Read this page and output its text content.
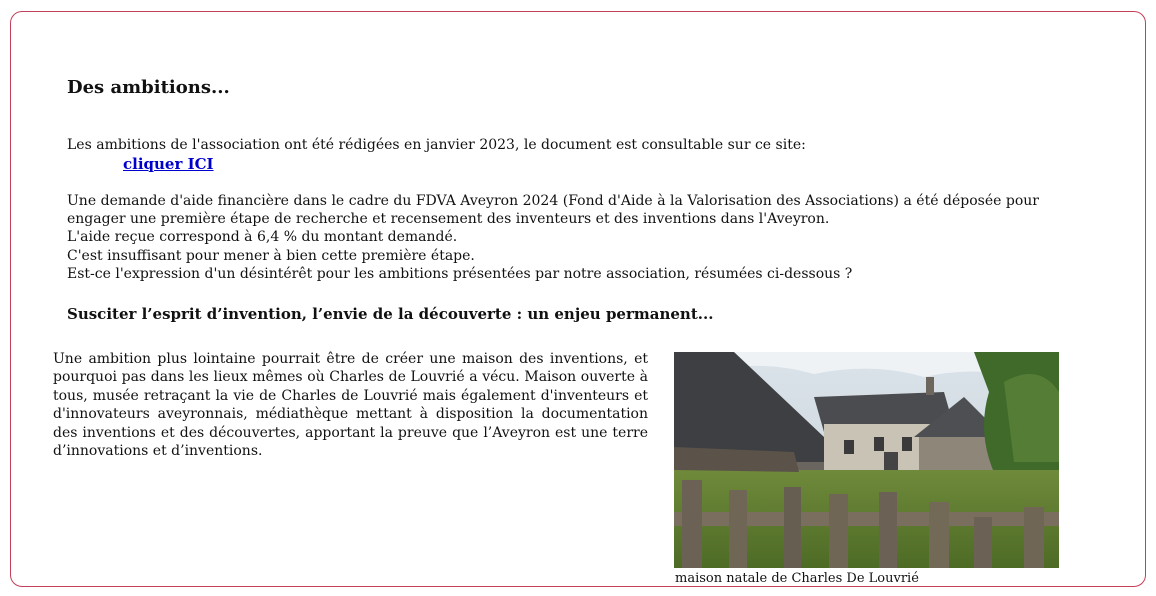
Des ambitions...

Les ambitions de l'association ont été rédigées en janvier 2023, le document est consultable sur ce site:

cliquer ICI

Une demande d'aide financière dans le cadre du FDVA Aveyron 2024 (Fond d'Aide à la Valorisation des Associations) a été déposée pour engager une première étape de recherche et recensement des inventeurs et des inventions dans l'Aveyron.

L'aide reçue correspond à 6,4 % du montant demandé.

C'est insuffisant pour mener à bien cette première étape.

Est-ce l'expression d'un désintérêt pour les ambitions présentées par notre association, résumées ci-dessous ?

Susciter l’esprit d’invention, l’envie de la découverte : un enjeu permanent...

Une ambition plus lointaine pourrait être de créer une maison des inventions, et pourquoi pas dans les lieux mêmes où Charles de Louvrié a vécu. Maison ouverte à tous, musée retraçant la vie de Charles de Louvrié mais également d'inventeurs et d'innovateurs aveyronnais, médiathèque mettant à disposition la documentation des inventions et des découvertes, apportant la preuve que l’Aveyron est une terre d’innovations et d’inventions.

maison natale de Charles De Louvrié
